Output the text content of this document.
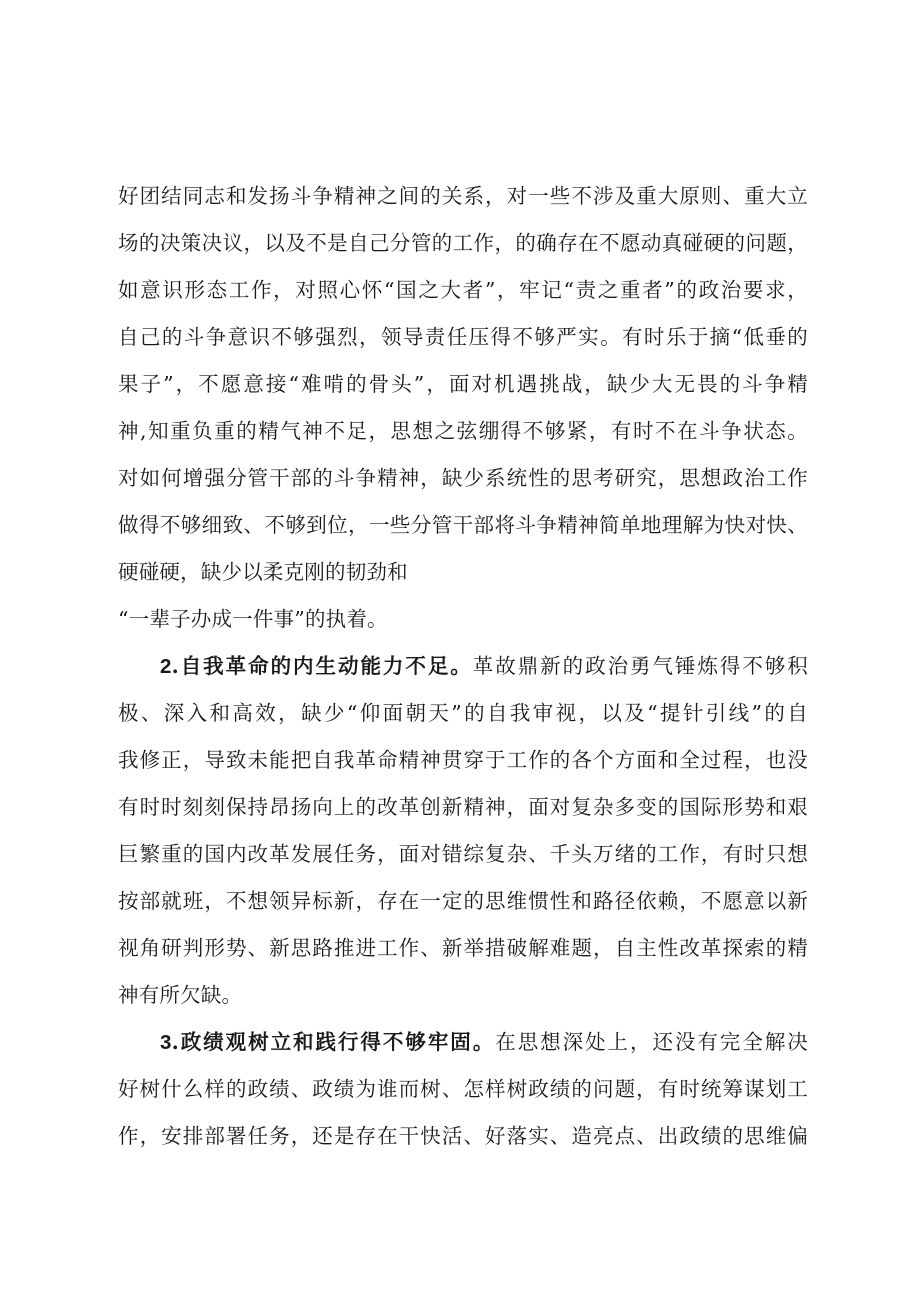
好团结同志和发扬斗争精神之间的关系，对一些不涉及重大原则、重大立
场的决策决议，以及不是自己分管的工作，的确存在不愿动真碰硬的问题，
如意识形态工作，对照心怀“国之大者”，牢记“责之重者”的政治要求，
自己的斗争意识不够强烈，领导责任压得不够严实。有时乐于摘“低垂的
果子”，不愿意接“难啃的骨头”，面对机遇挑战，缺少大无畏的斗争精
神,知重负重的精气神不足，思想之弦绷得不够紧，有时不在斗争状态。
对如何增强分管干部的斗争精神，缺少系统性的思考研究，思想政治工作
做得不够细致、不够到位，一些分管干部将斗争精神简单地理解为快对快、
硬碰硬，缺少以柔克刚的韧劲和
“一辈子办成一件事”的执着。
2.自我革命的内生动能力不足。革故鼎新的政治勇气锤炼得不够积
极、深入和高效，缺少“仰面朝天”的自我审视，以及“提针引线”的自
我修正，导致未能把自我革命精神贯穿于工作的各个方面和全过程，也没
有时时刻刻保持昂扬向上的改革创新精神，面对复杂多变的国际形势和艰
巨繁重的国内改革发展任务，面对错综复杂、千头万绪的工作，有时只想
按部就班，不想领异标新，存在一定的思维惯性和路径依赖，不愿意以新
视角研判形势、新思路推进工作、新举措破解难题，自主性改革探索的精
神有所欠缺。
3.政绩观树立和践行得不够牢固。在思想深处上，还没有完全解决
好树什么样的政绩、政绩为谁而树、怎样树政绩的问题，有时统筹谋划工
作，安排部署任务，还是存在干快活、好落实、造亮点、出政绩的思维偏
